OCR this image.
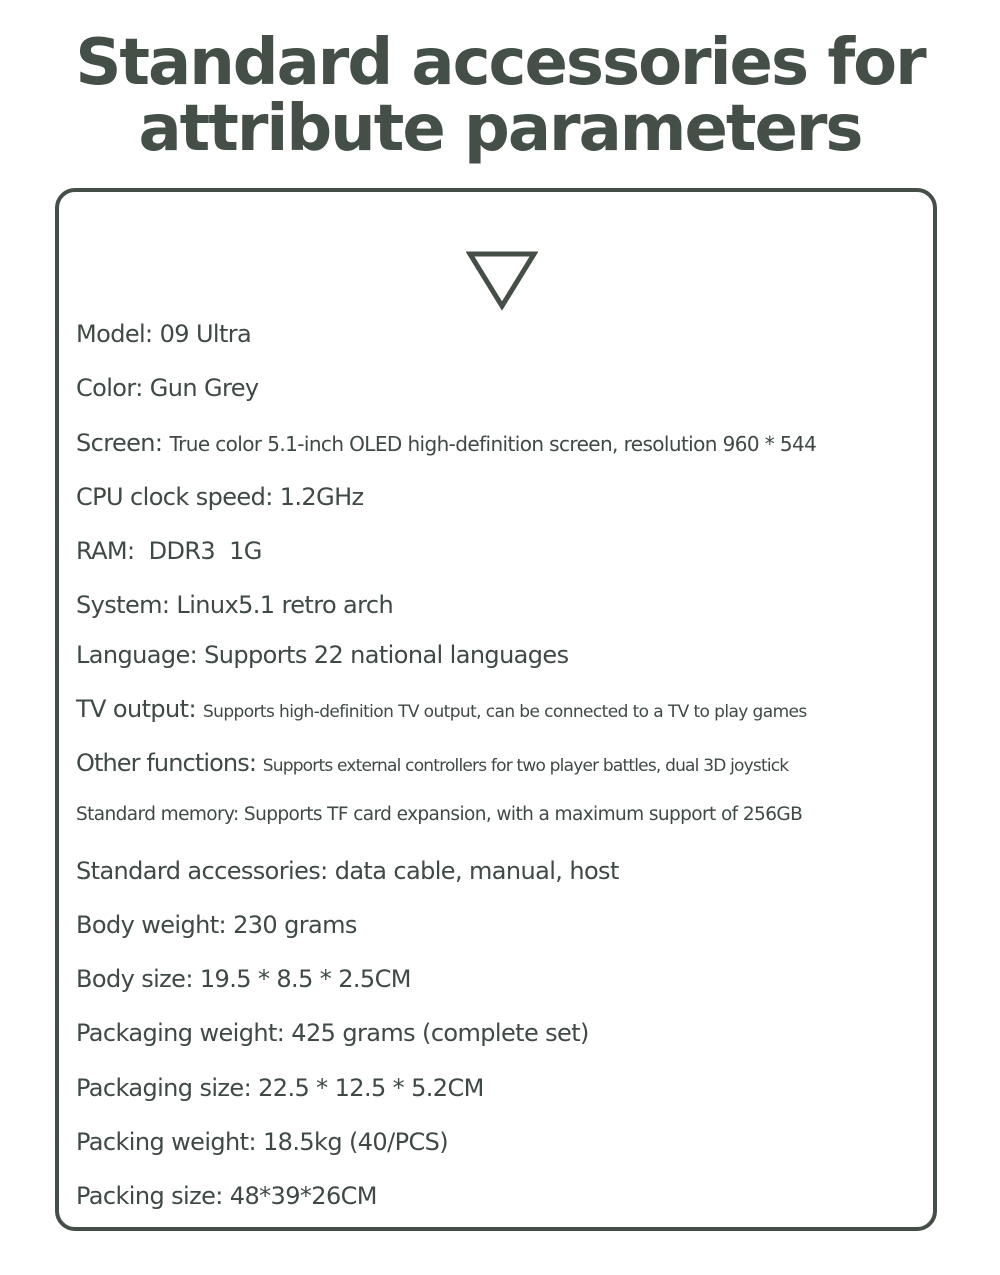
Standard accessories for
attribute parameters
Model: 09 Ultra
Color: Gun Grey
Screen: True color 5.1-inch OLED high-definition screen, resolution 960 * 544
CPU clock speed: 1.2GHz
RAM:  DDR3  1G
System: Linux5.1 retro arch
Language: Supports 22 national languages
TV output: Supports high-definition TV output, can be connected to a TV to play games
Other functions: Supports external controllers for two player battles, dual 3D joystick
Standard memory: Supports TF card expansion, with a maximum support of 256GB
Standard accessories: data cable, manual, host
Body weight: 230 grams
Body size: 19.5 * 8.5 * 2.5CM
Packaging weight: 425 grams (complete set)
Packaging size: 22.5 * 12.5 * 5.2CM
Packing weight: 18.5kg (40/PCS)
Packing size: 48*39*26CM
